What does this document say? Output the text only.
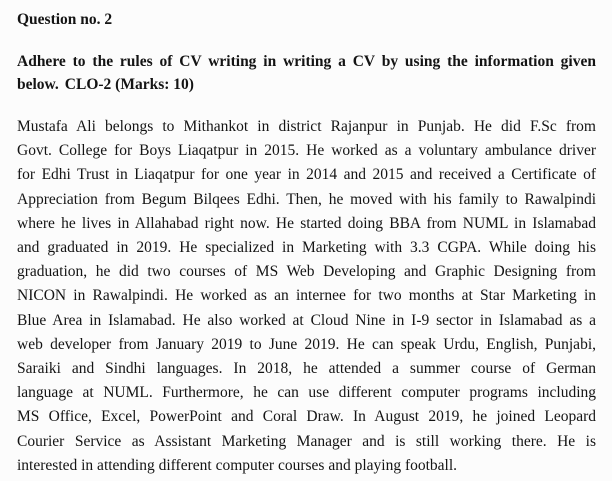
Question no. 2
Adhere to the rules of CV writing in writing a CV by using the information given below. CLO-2 (Marks: 10)
Mustafa Ali belongs to Mithankot in district Rajanpur in Punjab. He did F.Sc from
Govt. College for Boys Liaqatpur in 2015. He worked as a voluntary ambulance driver
for Edhi Trust in Liaqatpur for one year in 2014 and 2015 and received a Certificate of
Appreciation from Begum Bilqees Edhi. Then, he moved with his family to Rawalpindi
where he lives in Allahabad right now. He started doing BBA from NUML in Islamabad
and graduated in 2019. He specialized in Marketing with 3.3 CGPA. While doing his
graduation, he did two courses of MS Web Developing and Graphic Designing from
NICON in Rawalpindi. He worked as an internee for two months at Star Marketing in
Blue Area in Islamabad. He also worked at Cloud Nine in I-9 sector in Islamabad as a
web developer from January 2019 to June 2019. He can speak Urdu, English, Punjabi,
Saraiki and Sindhi languages. In 2018, he attended a summer course of German
language at NUML. Furthermore, he can use different computer programs including
MS Office, Excel, PowerPoint and Coral Draw. In August 2019, he joined Leopard
Courier Service as Assistant Marketing Manager and is still working there. He is
interested in attending different computer courses and playing football.
